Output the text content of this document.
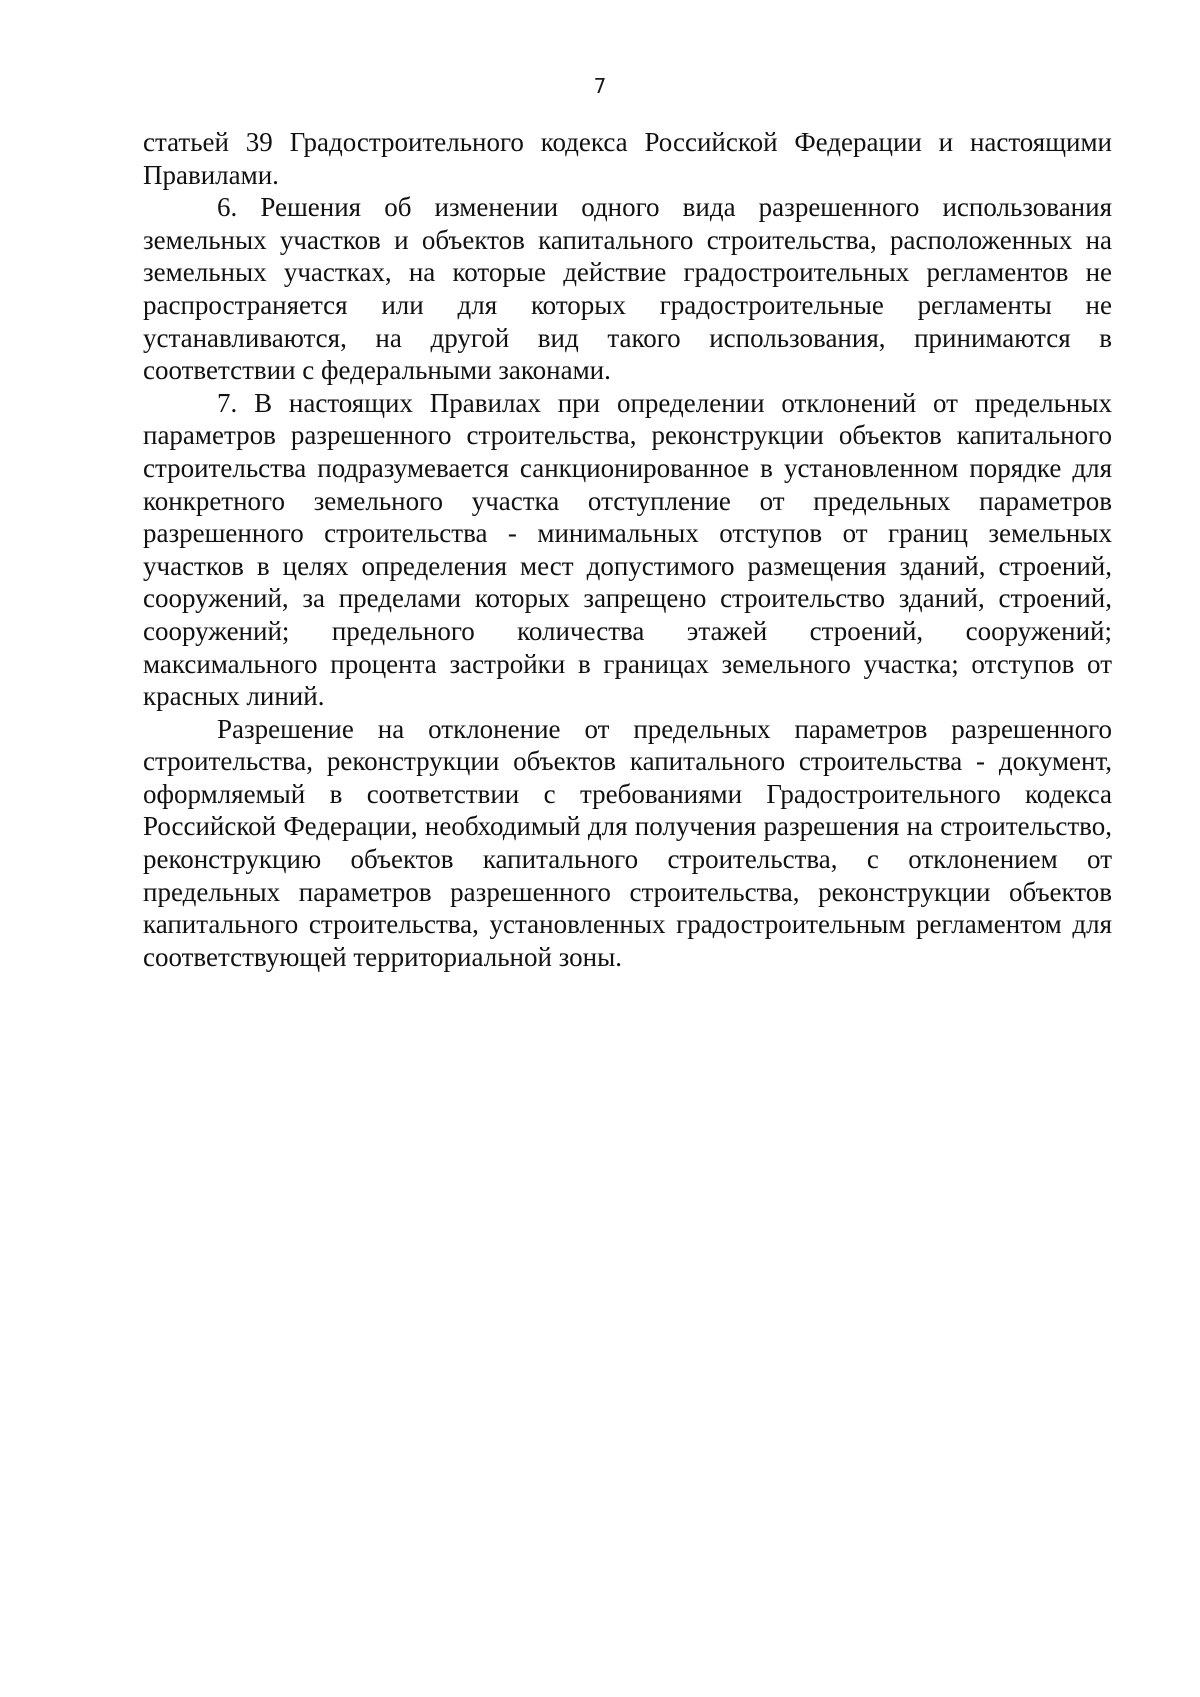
7

статьей 39 Градостроительного кодекса Российской Федерации и настоящими Правилами.

6. Решения об изменении одного вида разрешенного использования земельных участков и объектов капитального строительства, расположенных на земельных участках, на которые действие градостроительных регламентов не распространяется или для которых градостроительные регламенты не устанавливаются, на другой вид такого использования, принимаются в соответствии с федеральными законами.

7. В настоящих Правилах при определении отклонений от предельных параметров разрешенного строительства, реконструкции объектов капитального строительства подразумевается санкционированное в установленном порядке для конкретного земельного участка отступление от предельных параметров разрешенного строительства - минимальных отступов от границ земельных участков в целях определения мест допустимого размещения зданий, строений, сооружений, за пределами которых запрещено строительство зданий, строений, сооружений; предельного количества этажей строений, сооружений; максимального процента застройки в границах земельного участка; отступов от красных линий.

Разрешение на отклонение от предельных параметров разрешенного строительства, реконструкции объектов капитального строительства - документ, оформляемый в соответствии с требованиями Градостроительного кодекса Российской Федерации, необходимый для получения разрешения на строительство, реконструкцию объектов капитального строительства, с отклонением от предельных параметров разрешенного строительства, реконструкции объектов капитального строительства, установленных градостроительным регламентом для соответствующей территориальной зоны.
